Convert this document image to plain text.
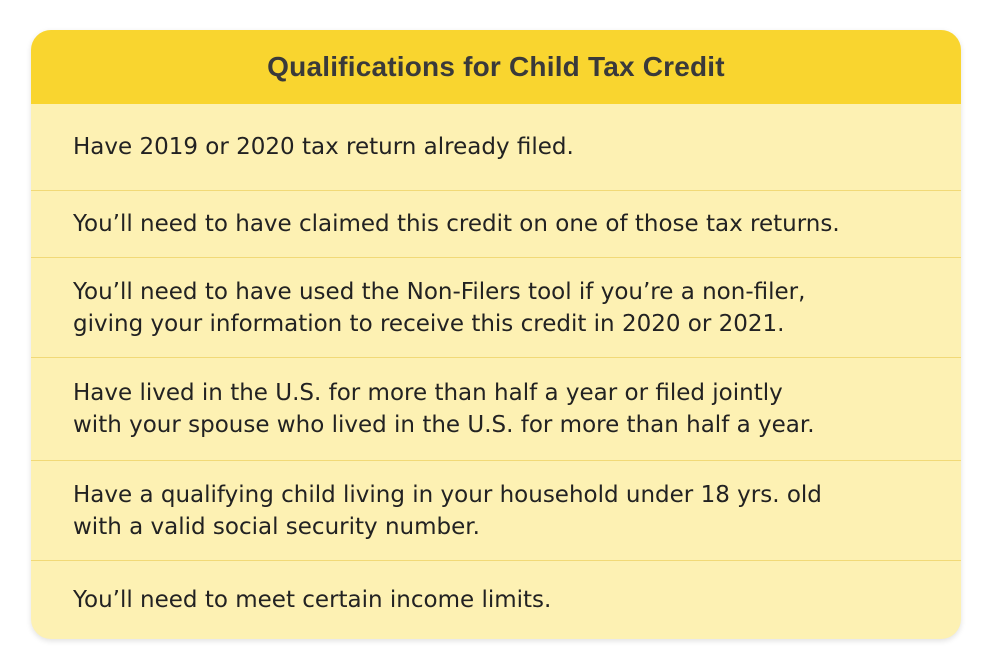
Qualifications for Child Tax Credit
Have 2019 or 2020 tax return already filed.
You’ll need to have claimed this credit on one of those tax returns.
You’ll need to have used the Non-Filers tool if you’re a non-filer,
giving your information to receive this credit in 2020 or 2021.
Have lived in the U.S. for more than half a year or filed jointly
with your spouse who lived in the U.S. for more than half a year.
Have a qualifying child living in your household under 18 yrs. old
with a valid social security number.
You’ll need to meet certain income limits.
